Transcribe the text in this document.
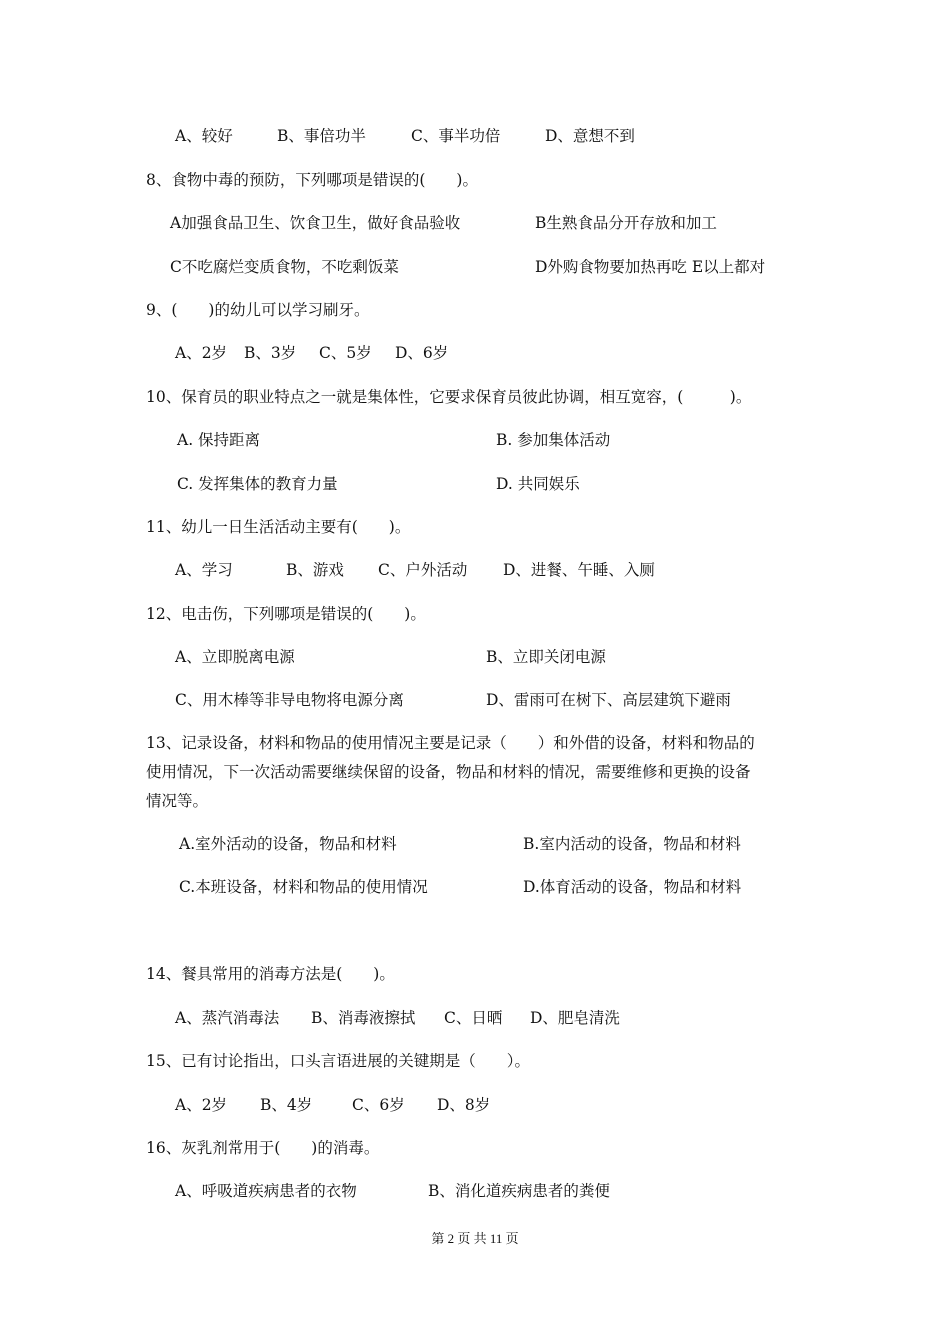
A、较好	B、事倍功半	C、事半功倍	D、意想不到
8、食物中毒的预防，下列哪项是错误的(　　)。
A加强食品卫生、饮食卫生，做好食品验收	B生熟食品分开存放和加工
C不吃腐烂变质食物，不吃剩饭菜	D外购食物要加热再吃 E以上都对
9、(　　)的幼儿可以学习刷牙。
A、2岁 B、3岁 C、5岁 D、6岁
10、保育员的职业特点之一就是集体性，它要求保育员彼此协调，相互宽容，(　　　)。
A. 保持距离	B. 参加集体活动
C. 发挥集体的教育力量	D. 共同娱乐
11、幼儿一日生活活动主要有(　　)。
A、学习	B、游戏 C、户外活动 D、进餐、午睡、入厕
12、电击伤，下列哪项是错误的(　　)。
A、立即脱离电源	B、立即关闭电源
C、用木棒等非导电物将电源分离	D、雷雨可在树下、高层建筑下避雨
13、记录设备，材料和物品的使用情况主要是记录（　　）和外借的设备，材料和物品的
使用情况，下一次活动需要继续保留的设备，物品和材料的情况，需要维修和更换的设备
情况等。
A.室外活动的设备，物品和材料	B.室内活动的设备，物品和材料
C.本班设备，材料和物品的使用情况	D.体育活动的设备，物品和材料
14、餐具常用的消毒方法是(　　)。
A、蒸汽消毒法 B、消毒液擦拭 C、日晒 D、肥皂清洗
15、已有讨论指出，口头言语进展的关键期是（　　）。
A、2岁 B、4岁	C、6岁 D、8岁
16、灰乳剂常用于(　　)的消毒。
A、呼吸道疾病患者的衣物	B、消化道疾病患者的粪便
第 2 页 共 11 页
